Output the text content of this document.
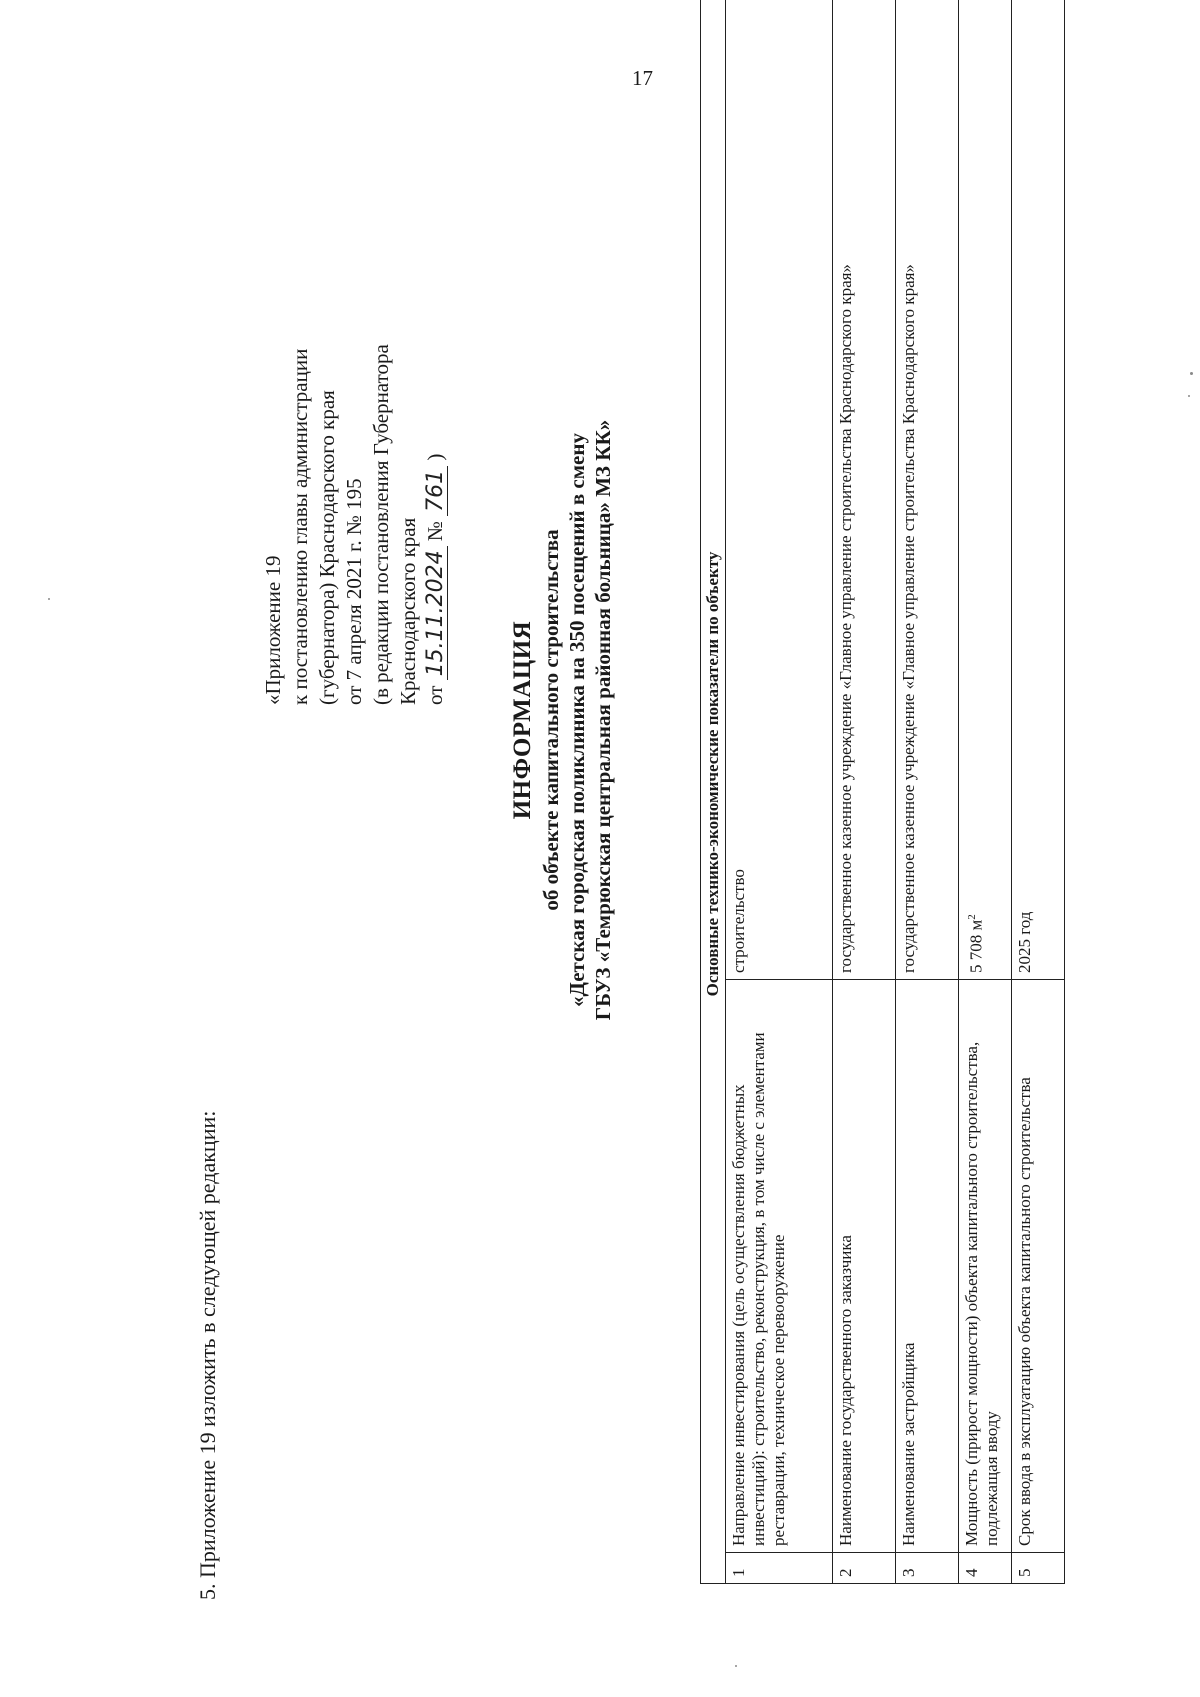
17
5. Приложение 19 изложить в следующей редакции:
«Приложение 19 к постановлению главы администрации (губернатора) Краснодарского края от 7 апреля 2021 г. № 195 (в редакции постановления Губернатора Краснодарского края от 15.11.2024 № 761 )
ИНФОРМАЦИЯ об объекте капитального строительства «Детская городская поликлиника на 350 посещений в смену ГБУЗ «Темрюкская центральная районная больница» МЗ КК»	Основные технико-экономические показатели по объекту		
1	Направление инвестирования (цель осуществления бюджетных инвестиций): строительство, реконструкция, в том числе с элементами реставрации, техническое перевооружение	строительство
2	Наименование государственного заказчика	государственное казенное учреждение «Главное управление строительства Краснодарского края»
3	Наименование застройщика	государственное казенное учреждение «Главное управление строительства Краснодарского края»
4	Мощность (прирост мощности) объекта капитального строительства, подлежащая вводу	5 708 $м^2$
5	Срок ввода в эксплуатацию объекта капитального строительства	2025 год
